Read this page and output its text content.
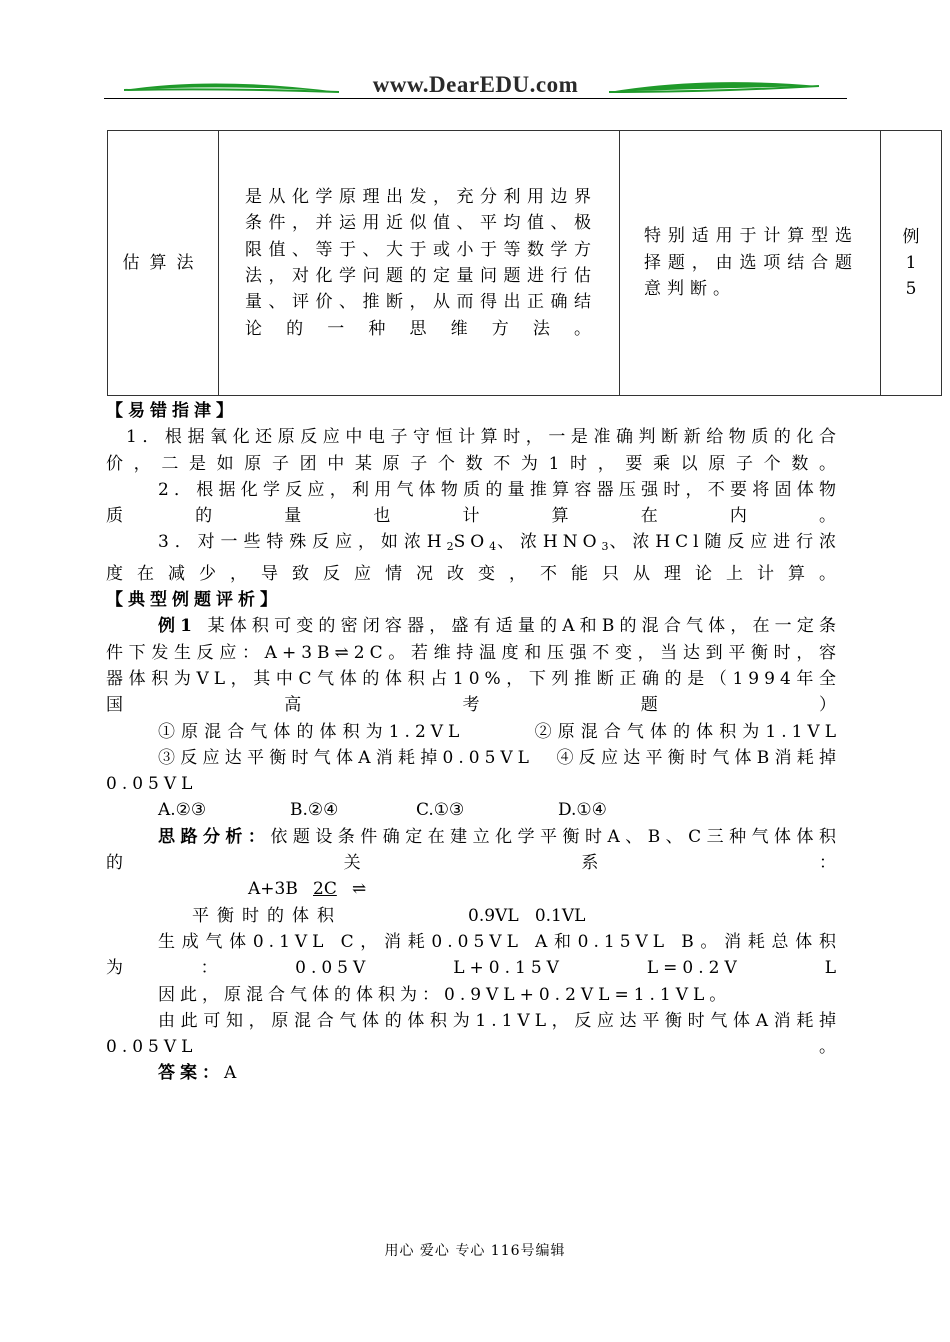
www.DearEDU.com
估算法	是从化学原理出发，充分利用边界条件，并运用近似值、平均值、极限值、等于、大于或小于等数学方法，对化学问题的定量问题进行估量、评价、推断，从而得出正确结论的一种思维方法。	特别适用于计算型选择题，由选项结合题意判断。	例15

【易错指津】

1．根据氧化还原反应中电子守恒计算时，一是准确判断新给物质的化合价，二是如原子团中某原子个数不为1时，要乘以原子个数。

2．根据化学反应，利用气体物质的量推算容器压强时，不要将固体物质的量也计算在内。

3．对一些特殊反应，如浓$H_2SO_4$、浓$HNO_3$、浓HCl随反应进行浓度在减少，导致反应情况改变，不能只从理论上计算。

【典型例题评析】

例1 某体积可变的密闭容器，盛有适量的A和B的混合气体，在一定条件下发生反应：A+3B⇌2C。若维持温度和压强不变，当达到平衡时，容器体积为VL，其中C气体的体积占10%，下列推断正确的是（1994年全国高考题）

①原混合气体的体积为1.2VL　　　	②原混合气体的体积为1.1VL

③反应达平衡时气体A消耗掉0.05VL　 ④反应达平衡时气体B消耗掉0.05VL

A.②③	B.②④	C.①③	D.①④

思路分析：依题设条件确定在建立化学平衡时A、B、C三种气体体积的关系：

A+3B 2C ⇌
平衡时的体积	0.9VL   0.1VL

生成气体0.1VL C，消耗0.05VL A和0.15VL B。消耗总体积为：0.05V L+0.15V L=0.2V L

因此，原混合气体的体积为：0.9VL+0.2VL=1.1VL。

由此可知，原混合气体的体积为1.1VL，反应达平衡时气体A消耗掉0.05VL。

答案：A

用心 爱心 专心 116号编辑
